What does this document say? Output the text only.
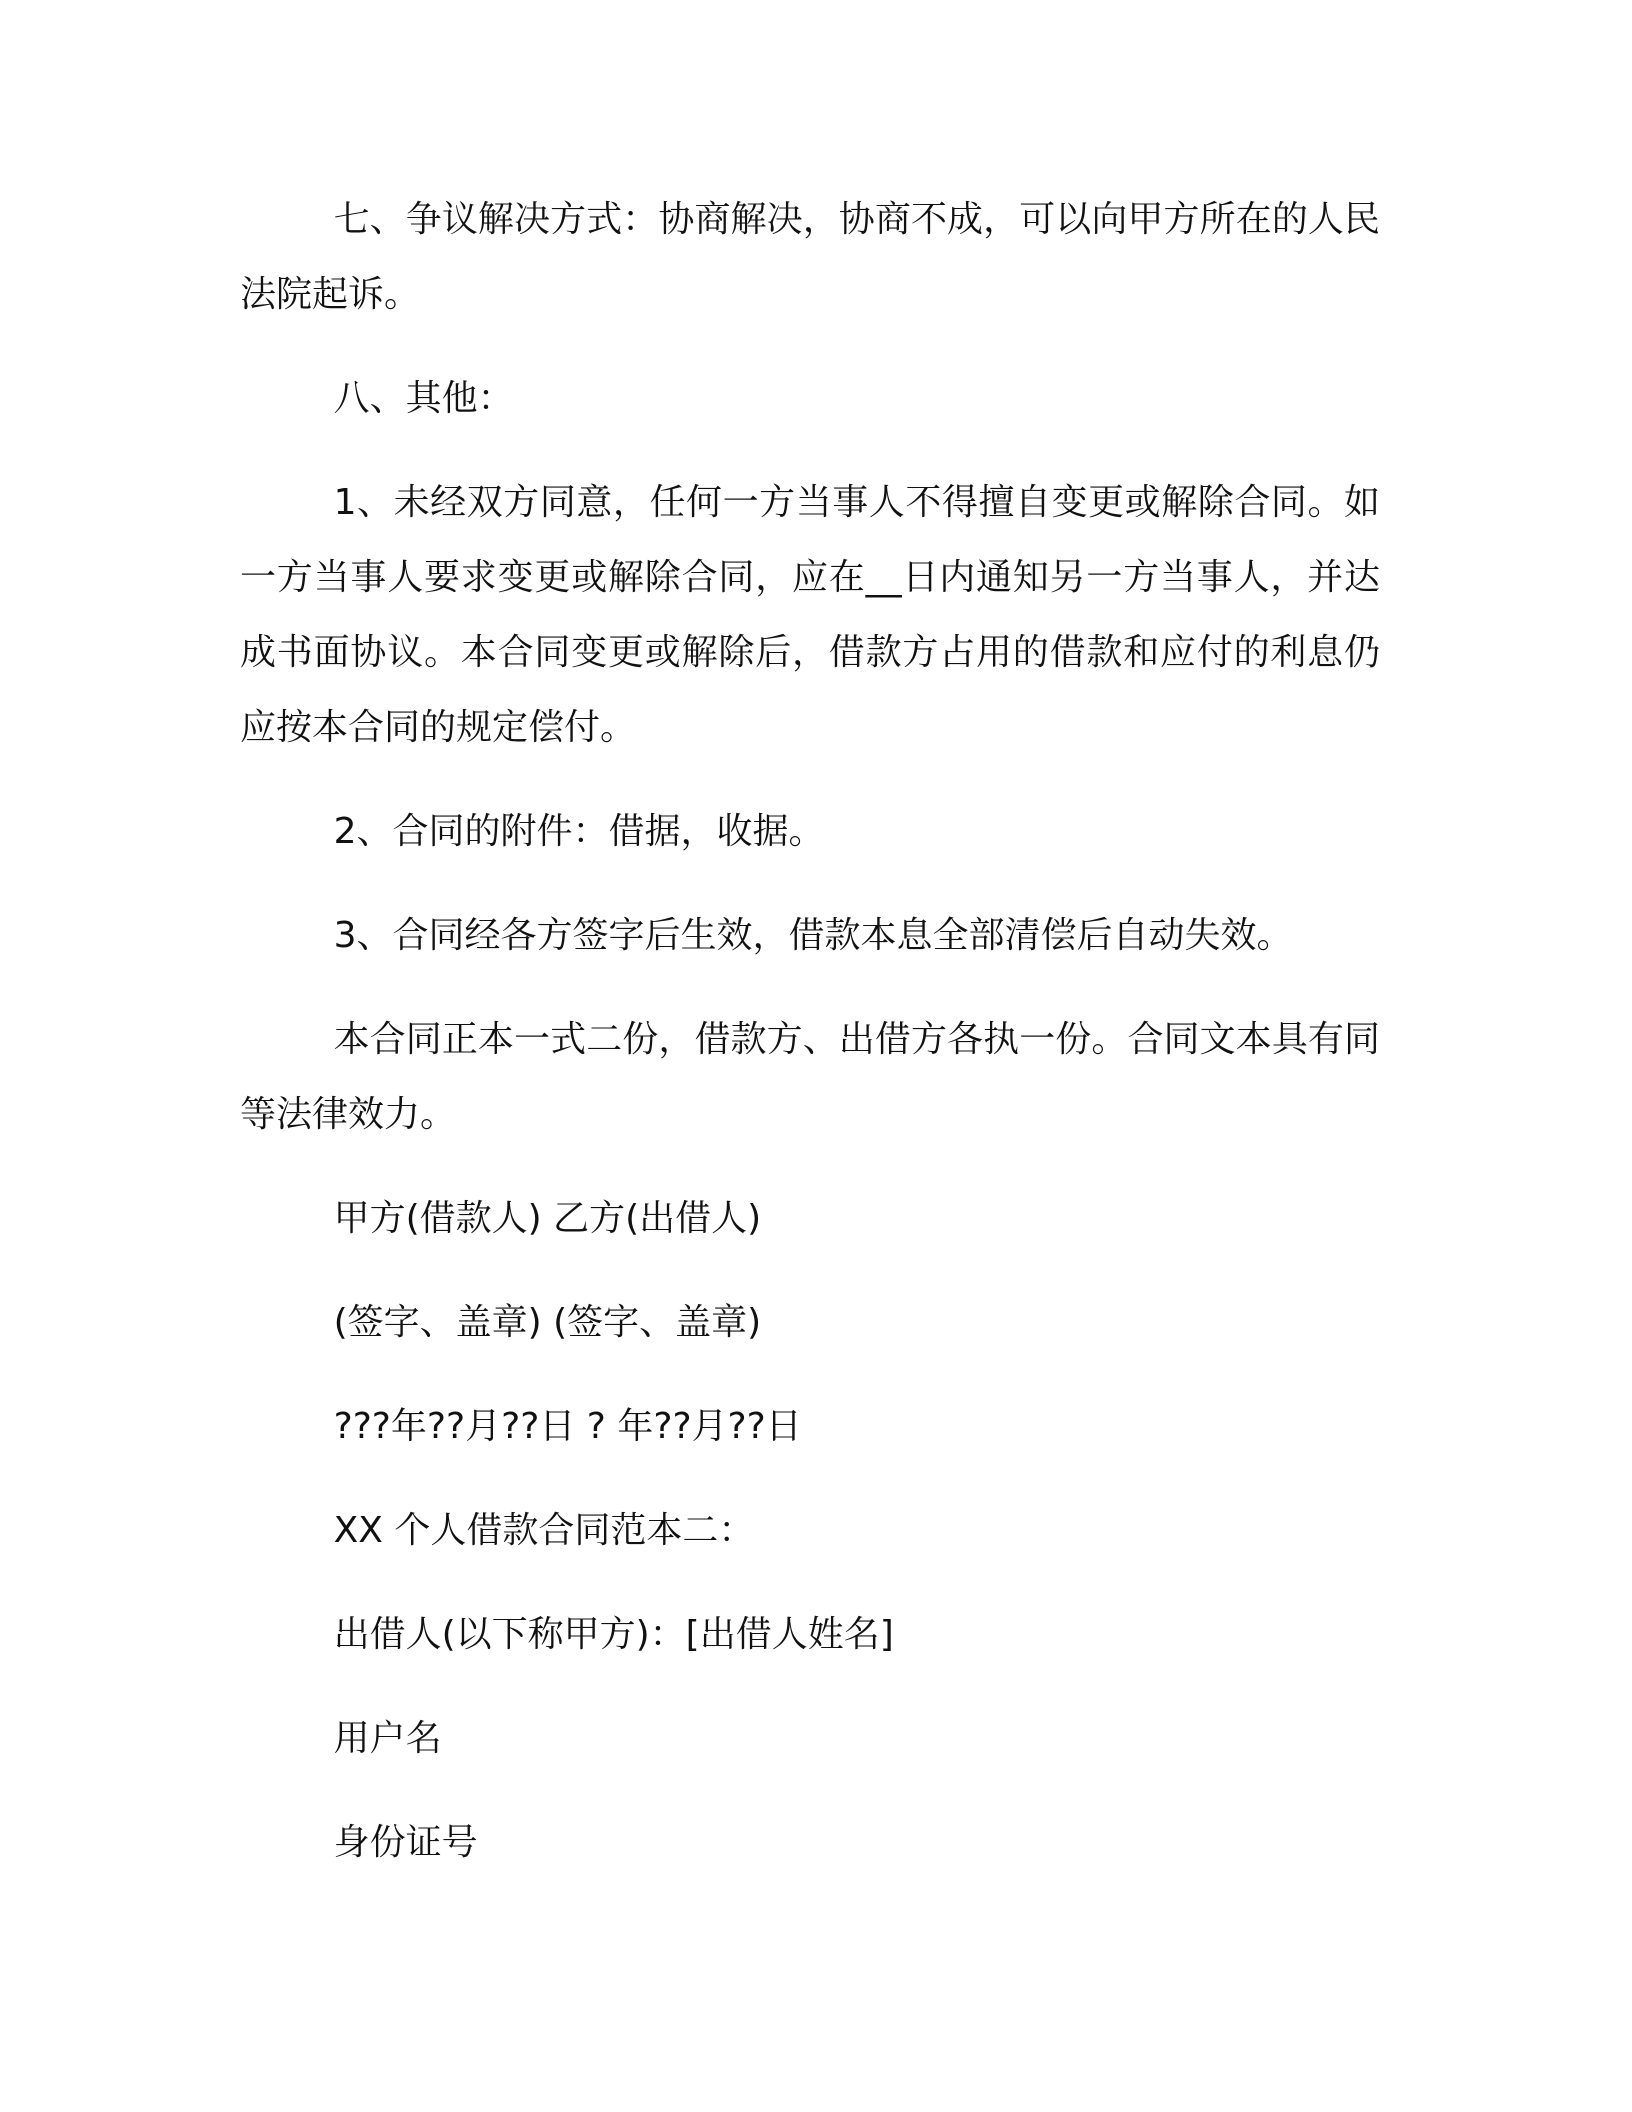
七、争议解决方式：协商解决，协商不成，可以向甲方所在的人民法院起诉。

八、其他：

1、未经双方同意，任何一方当事人不得擅自变更或解除合同。如一方当事人要求变更或解除合同，应在__日内通知另一方当事人，并达成书面协议。本合同变更或解除后，借款方占用的借款和应付的利息仍应按本合同的规定偿付。

2、合同的附件：借据，收据。

3、合同经各方签字后生效，借款本息全部清偿后自动失效。

本合同正本一式二份，借款方、出借方各执一份。合同文本具有同等法律效力。

甲方(借款人) 乙方(出借人)

(签字、盖章) (签字、盖章)

???年??月??日 ? 年??月??日

XX 个人借款合同范本二：

出借人(以下称甲方)：[出借人姓名]

用户名

身份证号
